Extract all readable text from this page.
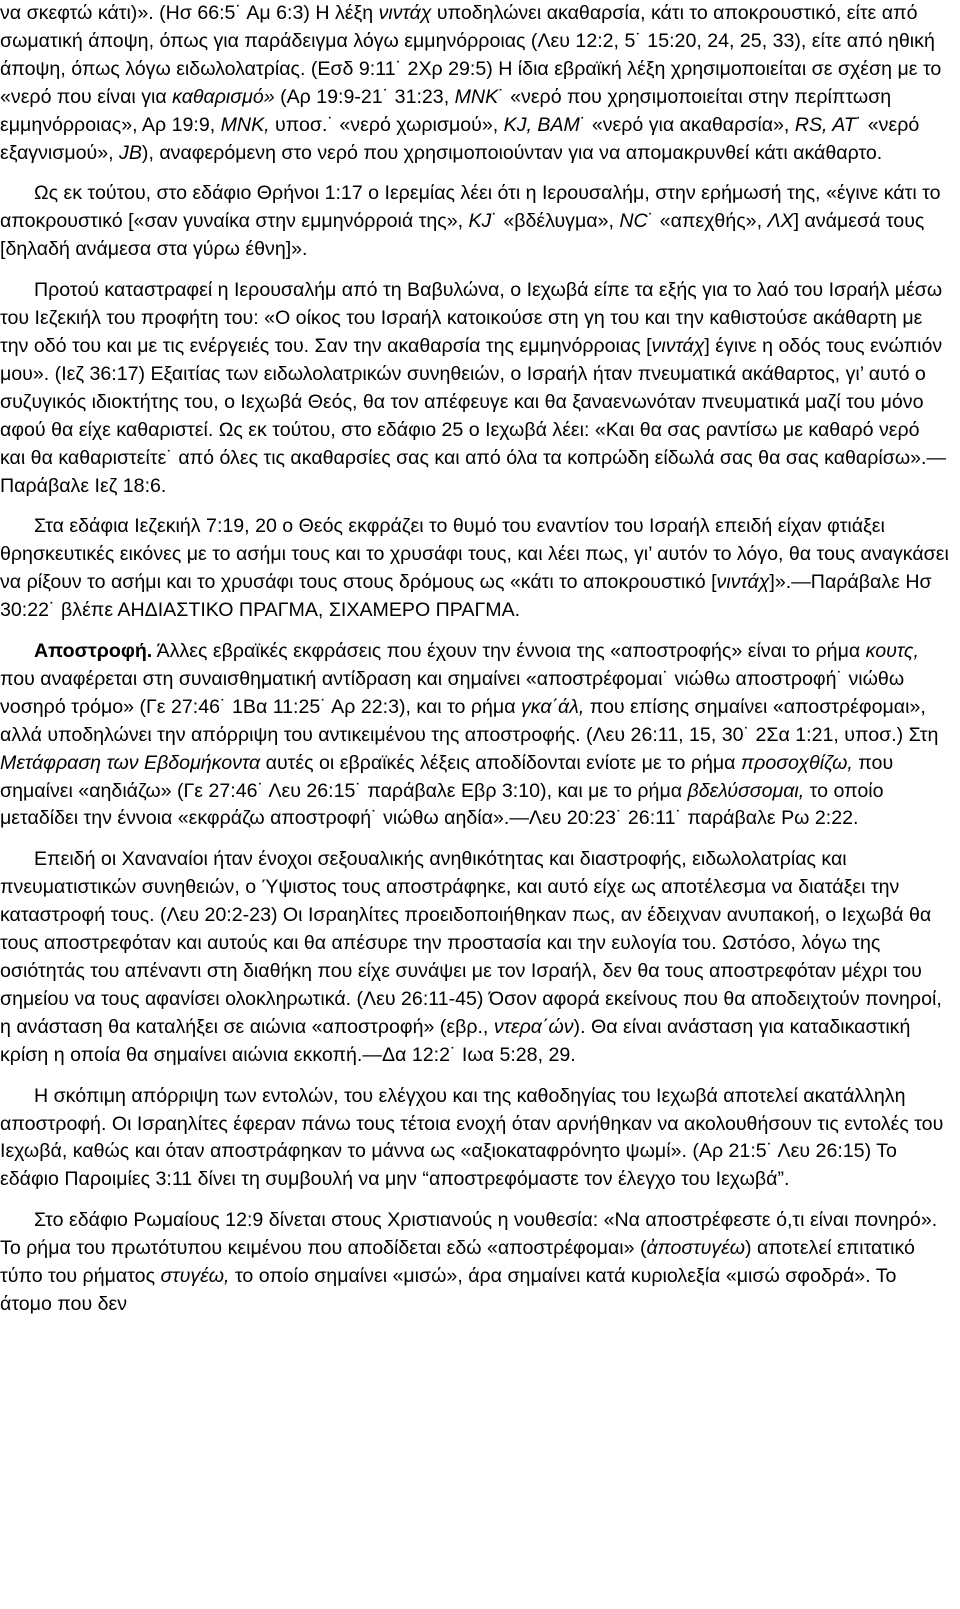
να σκεφτώ κάτι)». (Ησ 66:5˙ Αμ 6:3) Η λέξη νιντάχ υποδηλώνει ακαθαρσία, κάτι το αποκρουστικό, είτε από σωματική άποψη, όπως για παράδειγμα λόγω εμμηνόρροιας (Λευ 12:2, 5˙ 15:20, 24, 25, 33), είτε από ηθική άποψη, όπως λόγω ειδωλολατρίας. (Εσδ 9:11˙ 2Χρ 29:5) Η ίδια εβραϊκή λέξη χρησιμοποιείται σε σχέση με το «νερό που είναι για καθαρισμό» (Αρ 19:9-21˙ 31:23, ΜΝΚ˙ «νερό που χρησιμοποιείται στην περίπτωση εμμηνόρροιας», Αρ 19:9, ΜΝΚ, υποσ.˙ «νερό χωρισμού», KJ, ΒΑΜ˙ «νερό για ακαθαρσία», RS, AT˙ «νερό εξαγνισμού», JB), αναφερόμενη στο νερό που χρησιμοποιούνταν για να απομακρυνθεί κάτι ακάθαρτο.

Ως εκ τούτου, στο εδάφιο Θρήνοι 1:17 ο Ιερεμίας λέει ότι η Ιερουσαλήμ, στην ερήμωσή της, «έγινε κάτι το αποκρουστικό [«σαν γυναίκα στην εμμηνόρροιά της», KJ˙ «βδέλυγμα», NC˙ «απεχθής», ΛΧ] ανάμεσά τους [δηλαδή ανάμεσα στα γύρω έθνη]».

Προτού καταστραφεί η Ιερουσαλήμ από τη Βαβυλώνα, ο Ιεχωβά είπε τα εξής για το λαό του Ισραήλ μέσω του Ιεζεκιήλ του προφήτη του: «Ο οίκος του Ισραήλ κατοικούσε στη γη του και την καθιστούσε ακάθαρτη με την οδό του και με τις ενέργειές του. Σαν την ακαθαρσία της εμμηνόρροιας [νιντάχ] έγινε η οδός τους ενώπιόν μου». (Ιεζ 36:17) Εξαιτίας των ειδωλολατρικών συνηθειών, ο Ισραήλ ήταν πνευματικά ακάθαρτος, γι’ αυτό ο συζυγικός ιδιοκτήτης του, ο Ιεχωβά Θεός, θα τον απέφευγε και θα ξαναενωνόταν πνευματικά μαζί του μόνο αφού θα είχε καθαριστεί. Ως εκ τούτου, στο εδάφιο 25 ο Ιεχωβά λέει: «Και θα σας ραντίσω με καθαρό νερό και θα καθαριστείτε˙ από όλες τις ακαθαρσίες σας και από όλα τα κοπρώδη είδωλά σας θα σας καθαρίσω».—Παράβαλε Ιεζ 18:6.

Στα εδάφια Ιεζεκιήλ 7:19, 20 ο Θεός εκφράζει το θυμό του εναντίον του Ισραήλ επειδή είχαν φτιάξει θρησκευτικές εικόνες με το ασήμι τους και το χρυσάφι τους, και λέει πως, γι’ αυτόν το λόγο, θα τους αναγκάσει να ρίξουν το ασήμι και το χρυσάφι τους στους δρόμους ως «κάτι το αποκρουστικό [νιντάχ]».—Παράβαλε Ησ 30:22˙ βλέπε ΑΗΔΙΑΣΤΙΚΟ ΠΡΑΓΜΑ, ΣΙΧΑΜΕΡΟ ΠΡΑΓΜΑ.

Αποστροφή. Άλλες εβραϊκές εκφράσεις που έχουν την έννοια της «αποστροφής» είναι το ρήμα κουτς, που αναφέρεται στη συναισθηματική αντίδραση και σημαίνει «αποστρέφομαι˙ νιώθω αποστροφή˙ νιώθω νοσηρό τρόμο» (Γε 27:46˙ 1Βα 11:25˙ Αρ 22:3), και το ρήμα γκα΄άλ, που επίσης σημαίνει «αποστρέφομαι», αλλά υποδηλώνει την απόρριψη του αντικειμένου της αποστροφής. (Λευ 26:11, 15, 30˙ 2Σα 1:21, υποσ.) Στη Μετάφραση των Εβδομήκοντα αυτές οι εβραϊκές λέξεις αποδίδονται ενίοτε με το ρήμα προσοχθίζω, που σημαίνει «αηδιάζω» (Γε 27:46˙ Λευ 26:15˙ παράβαλε Εβρ 3:10), και με το ρήμα βδελύσσομαι, το οποίο μεταδίδει την έννοια «εκφράζω αποστροφή˙ νιώθω αηδία».—Λευ 20:23˙ 26:11˙ παράβαλε Ρω 2:22.

Επειδή οι Χαναναίοι ήταν ένοχοι σεξουαλικής ανηθικότητας και διαστροφής, ειδωλολατρίας και πνευματιστικών συνηθειών, ο Ύψιστος τους αποστράφηκε, και αυτό είχε ως αποτέλεσμα να διατάξει την καταστροφή τους. (Λευ 20:2-23) Οι Ισραηλίτες προειδοποιήθηκαν πως, αν έδειχναν ανυπακοή, ο Ιεχωβά θα τους αποστρεφόταν και αυτούς και θα απέσυρε την προστασία και την ευλογία του. Ωστόσο, λόγω της οσιότητάς του απέναντι στη διαθήκη που είχε συνάψει με τον Ισραήλ, δεν θα τους αποστρεφόταν μέχρι του σημείου να τους αφανίσει ολοκληρωτικά. (Λευ 26:11-45) Όσον αφορά εκείνους που θα αποδειχτούν πονηροί, η ανάσταση θα καταλήξει σε αιώνια «αποστροφή» (εβρ., ντερα΄ών). Θα είναι ανάσταση για καταδικαστική κρίση η οποία θα σημαίνει αιώνια εκκοπή.—Δα 12:2˙ Ιωα 5:28, 29.

Η σκόπιμη απόρριψη των εντολών, του ελέγχου και της καθοδηγίας του Ιεχωβά αποτελεί ακατάλληλη αποστροφή. Οι Ισραηλίτες έφεραν πάνω τους τέτοια ενοχή όταν αρνήθηκαν να ακολουθήσουν τις εντολές του Ιεχωβά, καθώς και όταν αποστράφηκαν το μάννα ως «αξιοκαταφρόνητο ψωμί». (Αρ 21:5˙ Λευ 26:15) Το εδάφιο Παροιμίες 3:11 δίνει τη συμβουλή να μην “αποστρεφόμαστε τον έλεγχο του Ιεχωβά”.

Στο εδάφιο Ρωμαίους 12:9 δίνεται στους Χριστιανούς η νουθεσία: «Να αποστρέφεστε ό,τι είναι πονηρό». Το ρήμα του πρωτότυπου κειμένου που αποδίδεται εδώ «αποστρέφομαι» (ἀποστυγέω) αποτελεί επιτατικό τύπο του ρήματος στυγέω, το οποίο σημαίνει «μισώ», άρα σημαίνει κατά κυριολεξία «μισώ σφοδρά». Το άτομο που δεν
